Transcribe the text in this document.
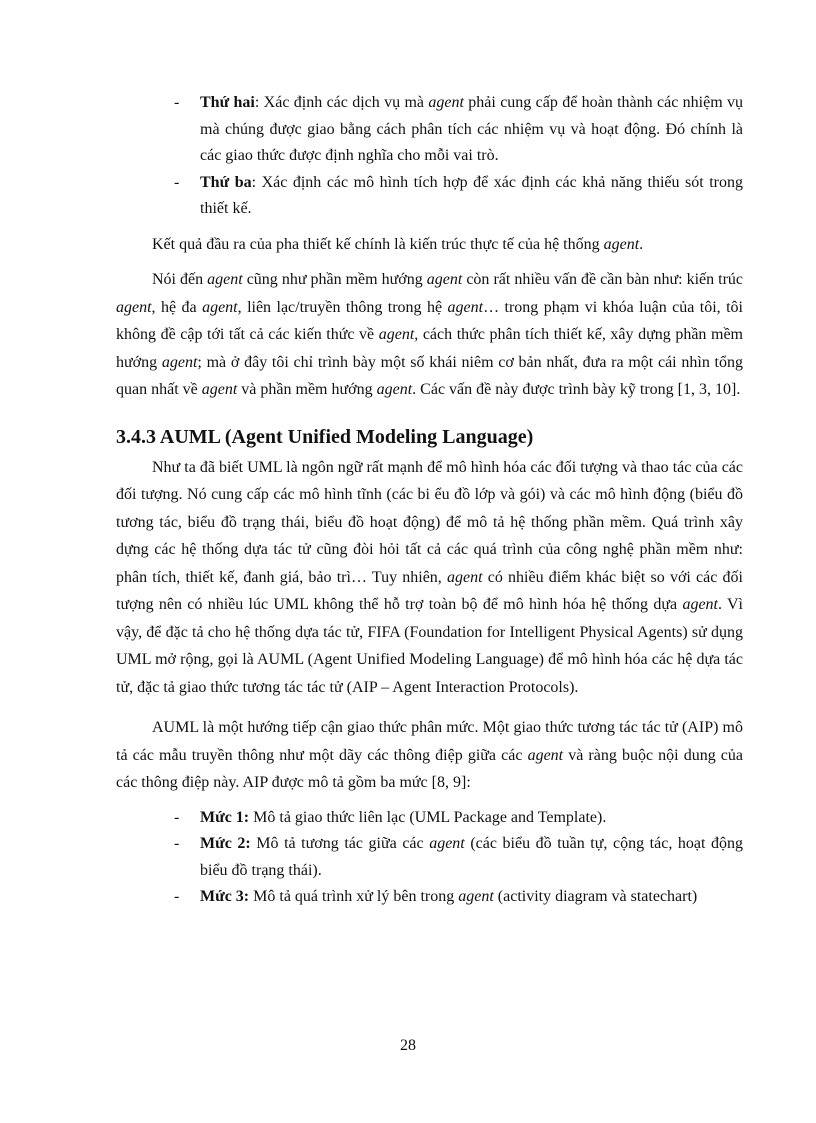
- Thứ hai: Xác định các dịch vụ mà agent phải cung cấp để hoàn thành các nhiệm vụ mà chúng được giao bằng cách phân tích các nhiệm vụ và hoạt động. Đó chính là các giao thức được định nghĩa cho mỗi vai trò.

- Thứ ba: Xác định các mô hình tích hợp để xác định các khả năng thiếu sót trong thiết kế.

Kết quả đầu ra của pha thiết kế chính là kiến trúc thực tế của hệ thống agent.

Nói đến agent cũng như phần mềm hướng agent còn rất nhiều vấn đề cần bàn như: kiến trúc agent, hệ đa agent, liên lạc/truyền thông trong hệ agent… trong phạm vi khóa luận của tôi, tôi không đề cập tới tất cả các kiến thức về agent, cách thức phân tích thiết kế, xây dựng phần mềm hướng agent; mà ở đây tôi chỉ trình bày một số khái niêm cơ bản nhất, đưa ra một cái nhìn tổng quan nhất về agent và phần mềm hướng agent. Các vấn đề này được trình bày kỹ trong [1, 3, 10].

3.4.3 AUML (Agent Unified Modeling Language)

Như ta đã biết UML là ngôn ngữ rất mạnh để mô hình hóa các đối tượng và thao tác của các đối tượng. Nó cung cấp các mô hình tĩnh (các bi ểu đồ lớp và gói) và các mô hình động (biểu đồ tương tác, biểu đồ trạng thái, biểu đồ hoạt động) để mô tả hệ thống phần mềm. Quá trình xây dựng các hệ thống dựa tác tử cũng đòi hỏi tất cả các quá trình của công nghệ phần mềm như: phân tích, thiết kế, đanh giá, bảo trì… Tuy nhiên, agent có nhiều điểm khác biệt so với các đối tượng nên có nhiều lúc UML không thể hỗ trợ toàn bộ để mô hình hóa hệ thống dựa agent. Vì vậy, để đặc tả cho hệ thống dựa tác tử, FIFA (Foundation for Intelligent Physical Agents) sử dụng UML mở rộng, gọi là AUML (Agent Unified Modeling Language) để mô hình hóa các hệ dựa tác tử, đặc tả giao thức tương tác tác tử (AIP – Agent Interaction Protocols).

AUML là một hướng tiếp cận giao thức phân mức. Một giao thức tương tác tác tử (AIP) mô tả các mẫu truyền thông như một dãy các thông điệp giữa các agent và ràng buộc nội dung của các thông điệp này. AIP được mô tả gồm ba mức [8, 9]:

- Mức 1: Mô tả giao thức liên lạc (UML Package and Template).

- Mức 2: Mô tả tương tác giữa các agent (các biểu đồ tuần tự, cộng tác, hoạt động biểu đồ trạng thái).

- Mức 3: Mô tả quá trình xử lý bên trong agent (activity diagram và statechart)

28
